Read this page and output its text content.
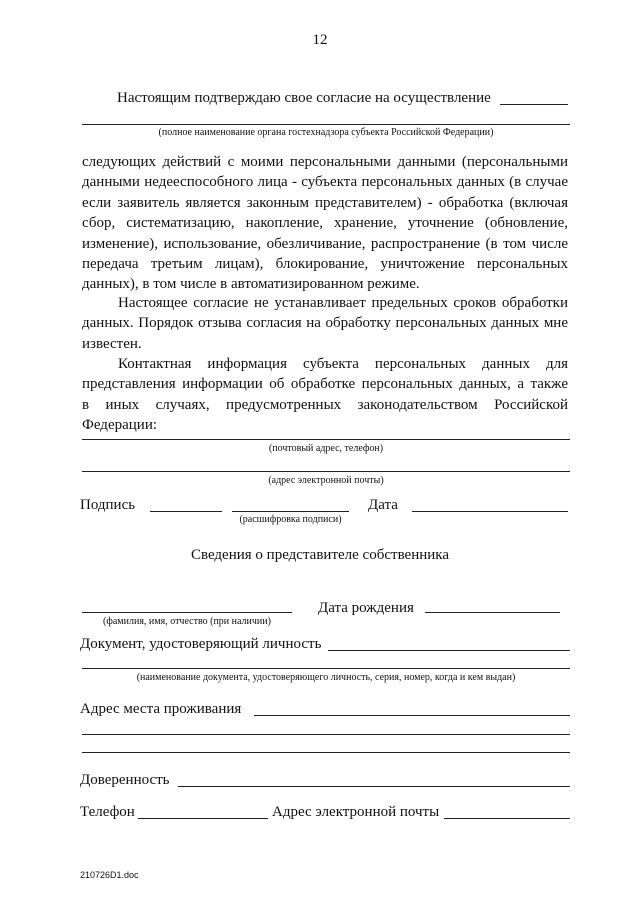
12
Настоящим подтверждаю свое согласие на осуществление
(полное наименование органа гостехнадзора субъекта Российской Федерации)
следующих действий с моими персональными данными (персональными
данными недееспособного лица - субъекта персональных данных (в случае
если заявитель является законным представителем) - обработка (включая
сбор, систематизацию, накопление, хранение, уточнение (обновление,
изменение), использование, обезличивание, распространение (в том числе
передача третьим лицам), блокирование, уничтожение персональных
данных), в том числе в автоматизированном режиме.
Настоящее согласие не устанавливает предельных сроков обработки данных. Порядок отзыва согласия на обработку персональных данных мне известен.
Контактная информация субъекта персональных данных для
представления информации об обработке персональных данных, а также
в иных случаях, предусмотренных законодательством Российской
Федерации:
(почтовый адрес, телефон)
(адрес электронной почты)
Подпись	Дата
(расшифровка подписи)
Сведения о представителе собственника
Дата рождения
(фамилия, имя, отчество (при наличии)
Документ, удостоверяющий личность
(наименование документа, удостоверяющего личность, серия, номер, когда и кем выдан)
Адрес места проживания
Доверенность
Телефон	Адрес электронной почты
210726D1.doc
